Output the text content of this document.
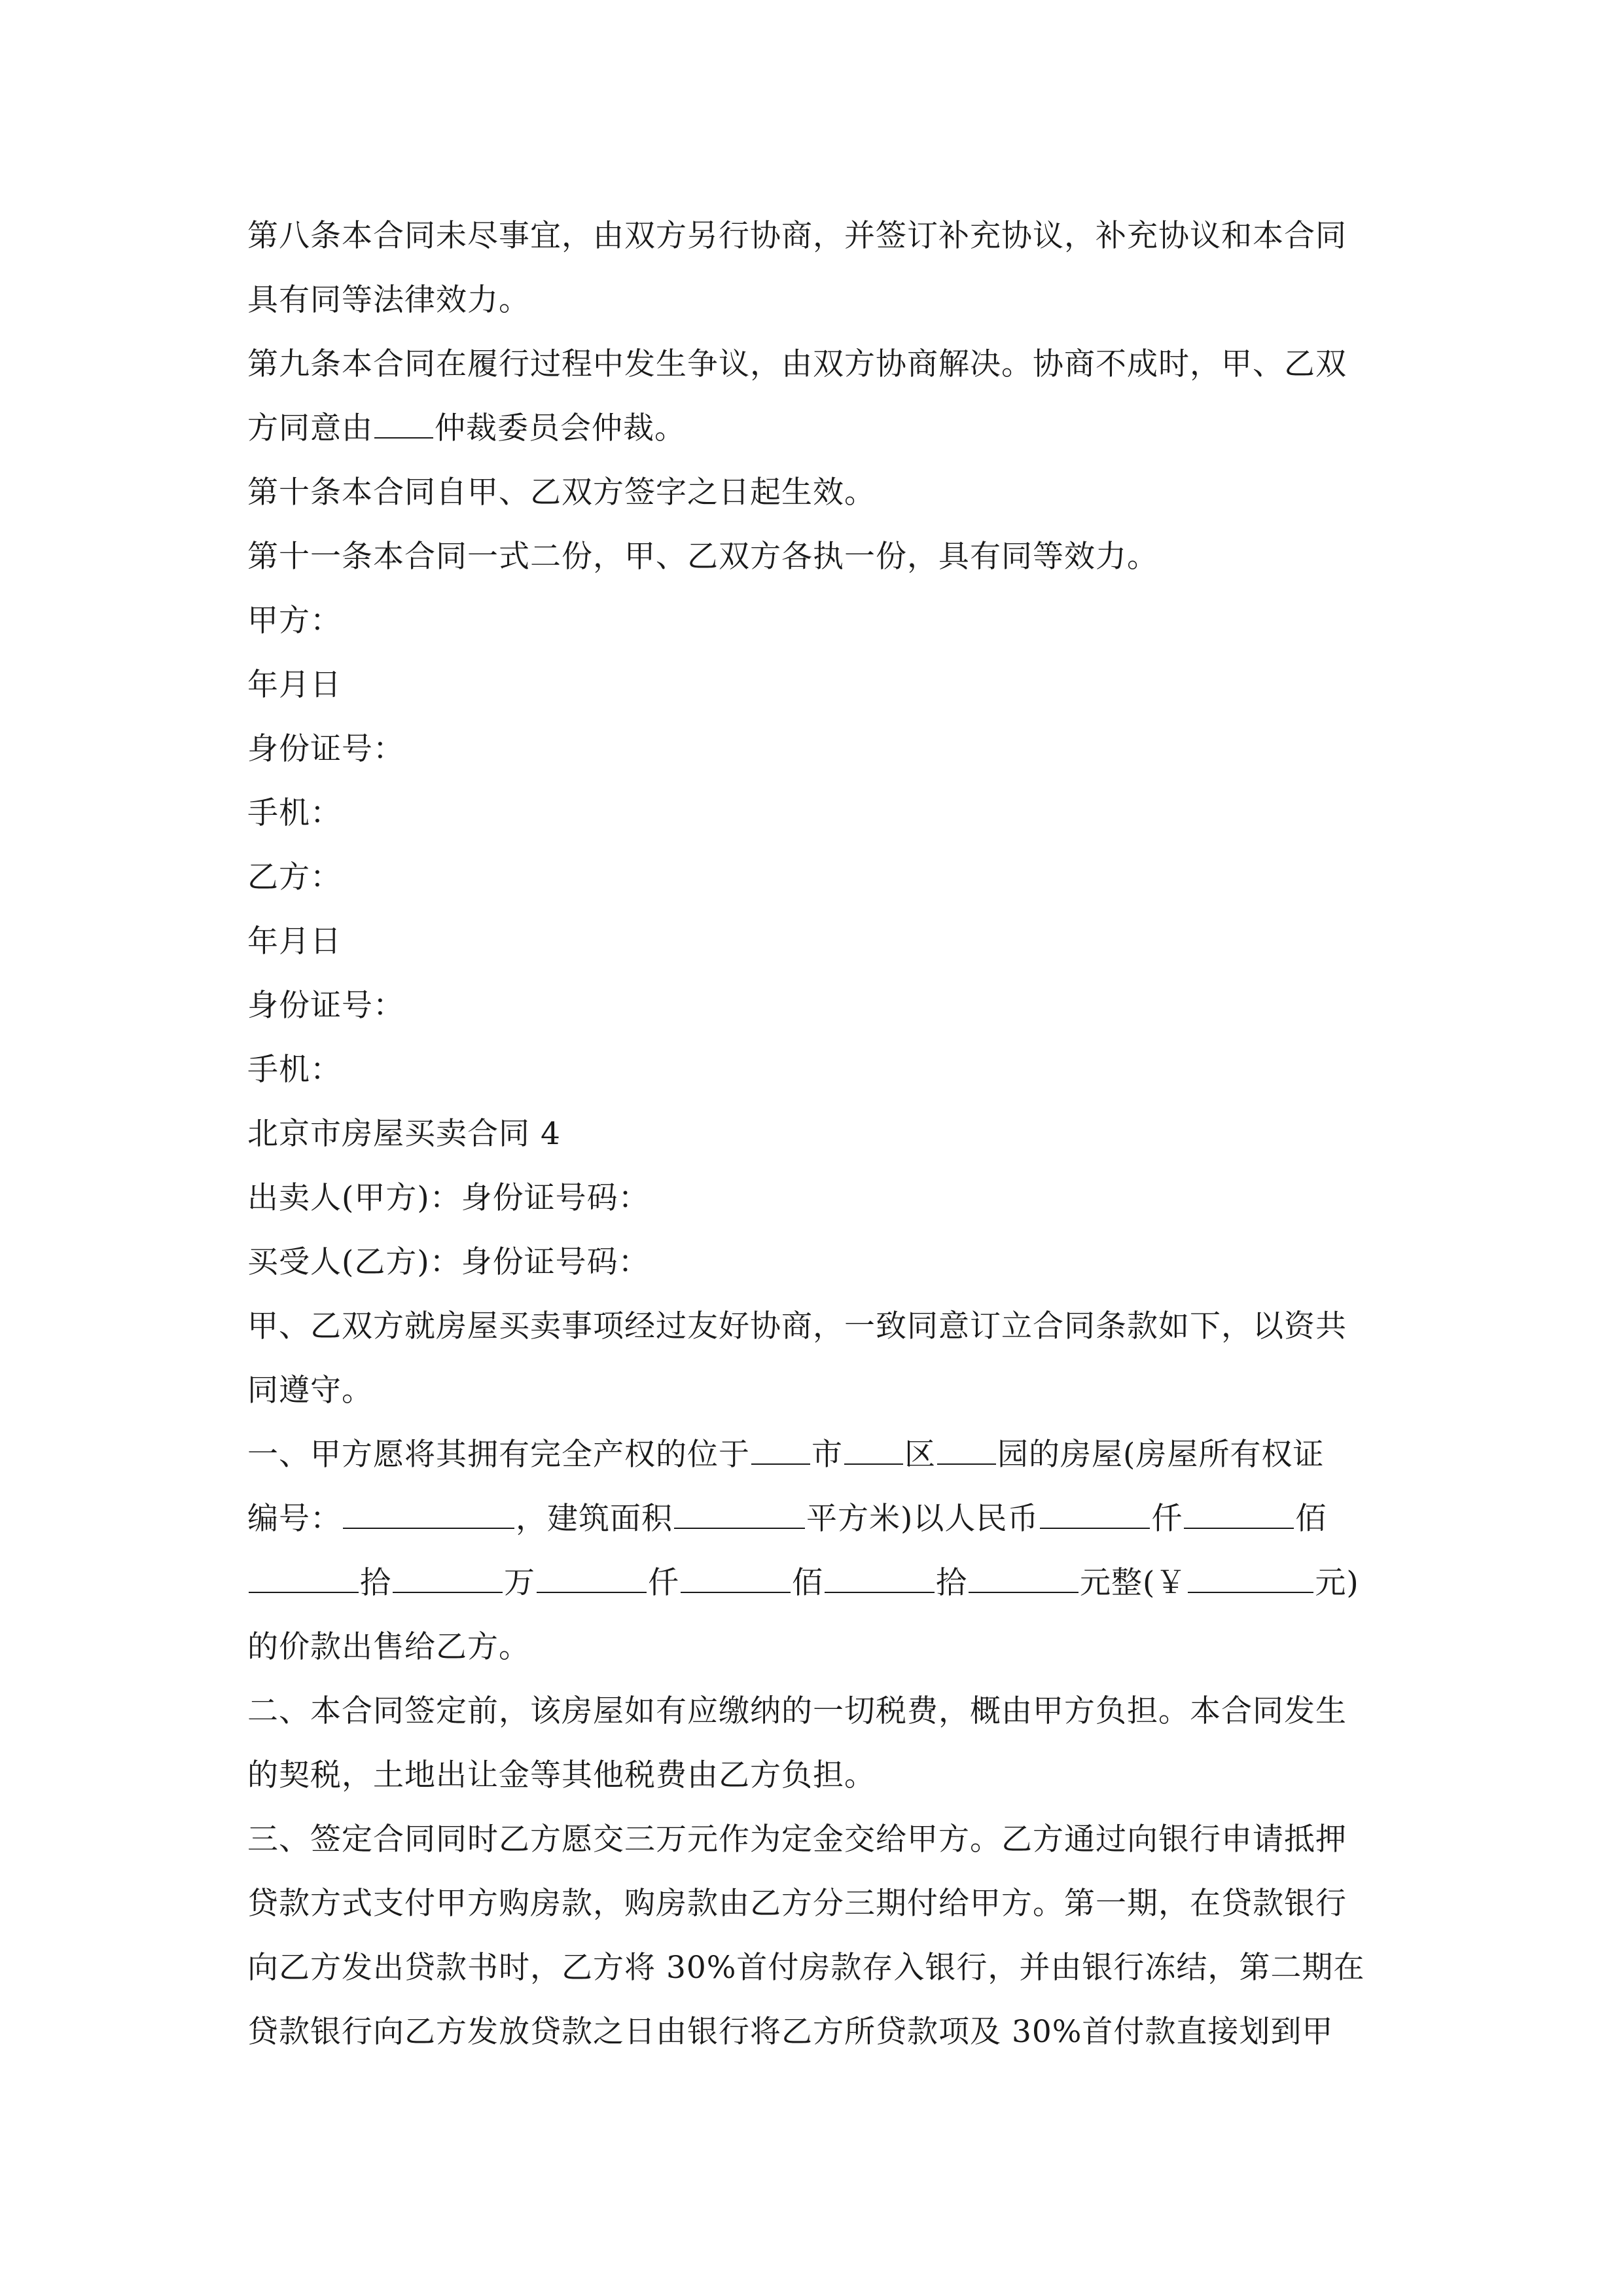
第八条本合同未尽事宜，由双方另行协商，并签订补充协议，补充协议和本合同

具有同等法律效力。

第九条本合同在履行过程中发生争议，由双方协商解决。协商不成时，甲、乙双

方同意由 仲裁委员会仲裁。

第十条本合同自甲、乙双方签字之日起生效。

第十一条本合同一式二份，甲、乙双方各执一份，具有同等效力。

甲方：

年月日

身份证号：

手机：

乙方：

年月日

身份证号：

手机：

北京市房屋买卖合同 4

出卖人(甲方)：身份证号码：

买受人(乙方)：身份证号码：

甲、乙双方就房屋买卖事项经过友好协商，一致同意订立合同条款如下，以资共

同遵守。

一、甲方愿将其拥有完全产权的位于 市 区 园的房屋(房屋所有权证

编号：	，建筑面积	平方米)以人民币	仟	佰

拾	万	仟	佰	拾	元整(￥	元)

的价款出售给乙方。

二、本合同签定前，该房屋如有应缴纳的一切税费，概由甲方负担。本合同发生

的契税，土地出让金等其他税费由乙方负担。

三、签定合同同时乙方愿交三万元作为定金交给甲方。乙方通过向银行申请抵押

贷款方式支付甲方购房款，购房款由乙方分三期付给甲方。第一期，在贷款银行

向乙方发出贷款书时，乙方将 30%首付房款存入银行，并由银行冻结，第二期在

贷款银行向乙方发放贷款之日由银行将乙方所贷款项及 30%首付款直接划到甲
